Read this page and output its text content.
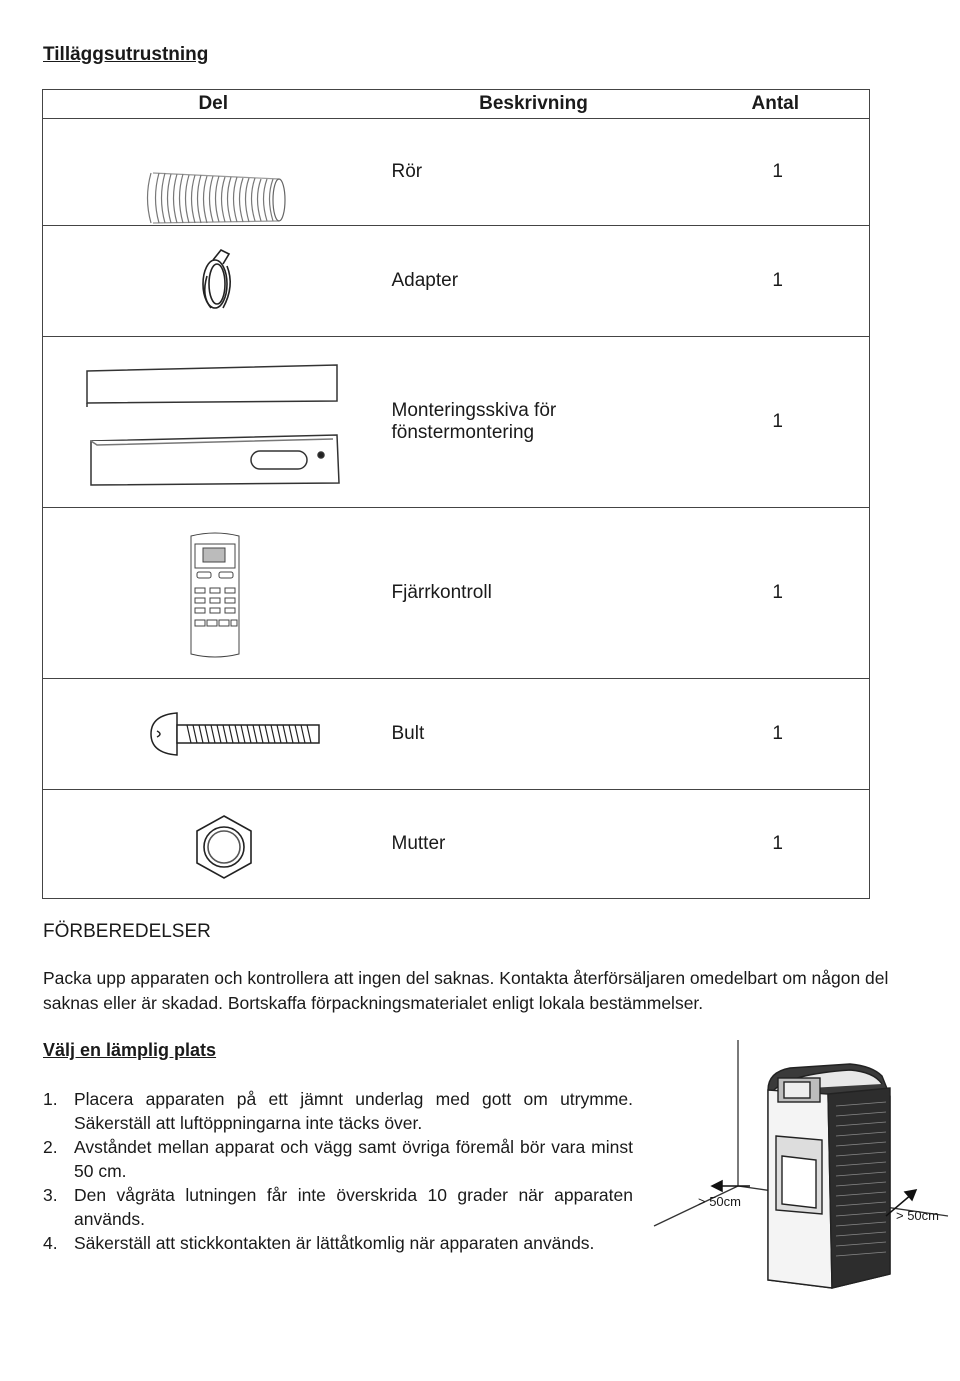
Tilläggsutrustning
Del	Beskrivning	Antal

	Rör	1

	Adapter	1

	Monteringsskiva för fönstermontering	1

	Fjärrkontroll	1

	Bult	1

	Mutter	1
FÖRBEREDELSER
Packa upp apparaten och kontrollera att ingen del saknas. Kontakta återförsäljaren omedelbart om någon del saknas eller är skadad. Bortskaffa förpackningsmaterialet enligt lokala bestämmelser.
Välj en lämplig plats
1. Placera apparaten på ett jämnt underlag med gott om utrymme. Säkerställ att luftöppningarna inte täcks över.
2. Avståndet mellan apparat och vägg samt övriga föremål bör vara minst 50 cm.
3. Den vågräta lutningen får inte överskrida 10 grader när apparaten används.
4. Säkerställ att stickkontakten är lättåtkomlig när apparaten används.
> 50cm
> 50cm
